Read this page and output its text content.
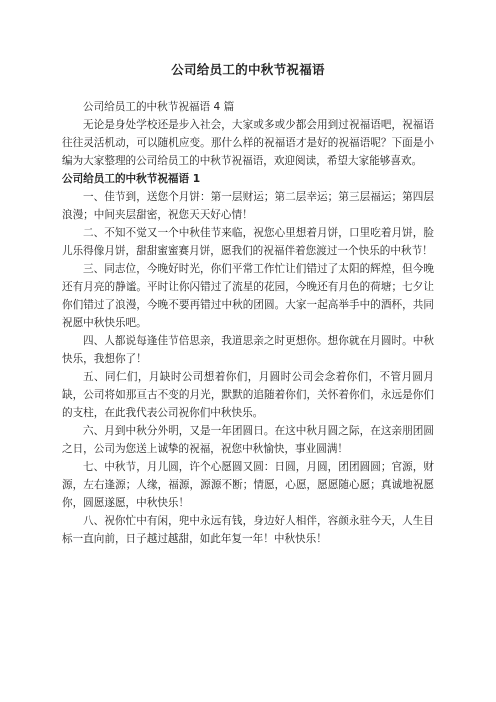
公司给员工的中秋节祝福语

公司给员工的中秋节祝福语 4 篇

无论是身处学校还是步入社会，大家或多或少都会用到过祝福语吧，祝福语往往灵活机动，可以随机应变。那什么样的祝福语才是好的祝福语呢？下面是小编为大家整理的公司给员工的中秋节祝福语，欢迎阅读，希望大家能够喜欢。

公司给员工的中秋节祝福语 1

一、佳节到，送您个月饼：第一层财运；第二层幸运；第三层福运；第四层浪漫；中间夹层甜密，祝您天天好心情！

二、不知不觉又一个中秋佳节来临，祝您心里想着月饼，口里吃着月饼，脸儿乐得像月饼，甜甜蜜蜜赛月饼，愿我们的祝福伴着您渡过一个快乐的中秋节！

三、同志位，今晚好时光，你们平常工作忙让们错过了太阳的辉煌，但今晚还有月亮的静谧。平时让你闪错过了流星的花园，今晚还有月色的荷塘；七夕让你们错过了浪漫，今晚不要再错过中秋的团圆。大家一起高举手中的酒杯，共同祝愿中秋快乐吧。

四、人都说每逢佳节倍思亲，我道思亲之时更想你。想你就在月圆时。中秋快乐，我想你了！

五、同仁们，月缺时公司想着你们，月圆时公司会念着你们，不管月圆月缺，公司将如那亘古不变的月光，默默的追随着你们，关怀着你们，永远是你们的支柱，在此我代表公司祝你们中秋快乐。

六、月到中秋分外明，又是一年团圆日。在这中秋月圆之际，在这亲朋团圆之日，公司为您送上诚挚的祝福，祝您中秋愉快，事业圆满！

七、中秋节，月儿圆，许个心愿圆又圆：日圆，月圆，团团圆圆；官源，财源，左右逢源；人缘，福源，源源不断；情愿，心愿，愿愿随心愿；真诚地祝愿你，圆愿遂愿，中秋快乐！

八、祝你忙中有闲，兜中永远有钱，身边好人相伴，容颜永驻今天，人生目标一直向前，日子越过越甜，如此年复一年！中秋快乐！
